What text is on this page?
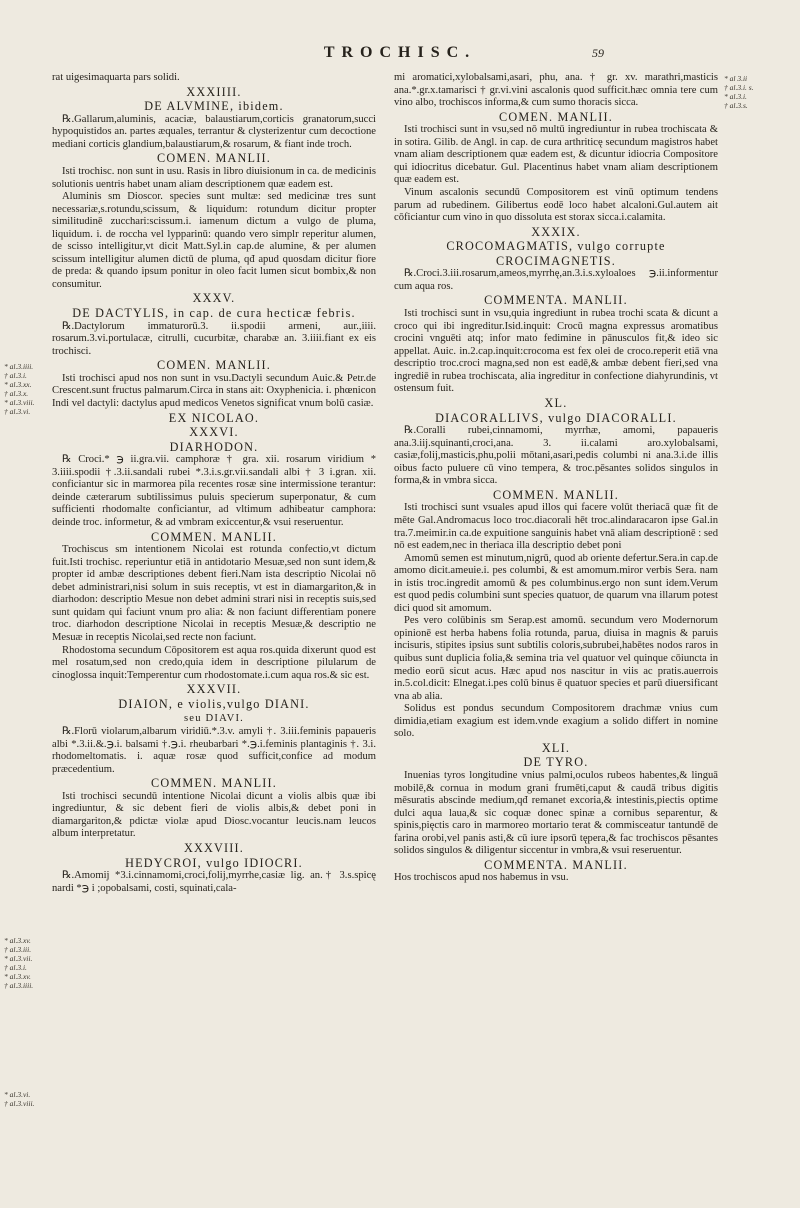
TROCHISC.	59

rat uigesimaquarta pars solidi.

XXXIIII.
DE ALVMINE, ibidem.

℞.Gallarum,aluminis, acaciæ, balaustiarum,corticis granatorum,succi hypoquistidos an. partes æquales, terrantur & clysterizentur cum decoctione mediani corticis glandium,balaustiarum,& rosarum, & fiant inde troch.

COMEN. MANLII.

Isti trochisc. non sunt in usu. Rasis in libro diuisionum in ca. de medicinis solutionis uentris habet unam aliam descriptionem quæ eadem est.

Aluminis sm Dioscor. species sunt multæ: sed medicinæ tres sunt necessariæ,s.rotundu,scissum, & liquidum: rotundum dicitur propter similitudinē zucchari:scissum.i. iamenum dictum a vulgo de pluma, liquidum. i. de roccha vel lypparinū: quando vero simplr reperitur alumen, de scisso intelligitur,vt dicit Matt.Syl.in cap.de alumine, & per alumen scissum intelligitur alumen dictū de pluma, qđ apud quosdam dicitur fiore de preda: & quando ipsum ponitur in oleo facit lumen sicut bombix,& non consumitur.

XXXV.
DE DACTYLIS, in cap. de cura hecticæ febris.

℞.Dactylorum immaturorū.3. ii.spodii armeni, aur.,iiii. rosarum.3.vi.portulacæ, citrulli, cucurbitæ, charabæ an. 3.iiii.fiant ex eis trochisci.

COMEN. MANLII.

Isti trochisci apud nos non sunt in vsu.Dactyli secundum Auic.& Petr.de Crescent.sunt fructus palmarum.Circa in stans ait: Oxyphenicia. i. phœnicon Indi vel dactyli: dactylus apud medicos Venetos significat vnum bolū casiæ.

EX NICOLAO.
XXXVI.
DIARHODON.

℞ Croci.* ℈ ii.gra.vii. camphoræ † gra. xii. rosarum viridium * 3.iiii.spodii †.3.ii.sandali rubei *.3.i.s.gr.vii.sandali albi † 3 i.gran. xii. conficiantur sic in marmorea pila recentes rosæ sine intermissione terantur: deinde cæterarum subtilissimus puluis specierum superponatur, & cum sufficienti rhodomalte conficiantur, ad vltimum adhibeatur camphora: deinde troc. informetur, & ad vmbram exiccentur,& vsui reseruentur.

COMMEN. MANLII.

Trochiscus sm intentionem Nicolai est rotunda confectio,vt dictum fuit.Isti trochisc. reperiuntur etiā in antidotario Mesuæ,sed non sunt idem,& propter id ambæ descriptiones debent fieri.Nam ista descriptio Nicolai nō debet administrari,nisi solum in suis receptis, vt est in diamargariton,& in diarhodon: descriptio Mesue non debet admini strari nisi in receptis suis,sed sunt quidam qui faciunt vnum pro alia: & non faciunt differentiam ponere troc. diarhodon descriptione Nicolai in receptis Mesuæ,& descriptio ne Mesuæ in receptis Nicolai,sed recte non faciunt.

Rhodostoma secundum Cōpositorem est aqua ros.quida dixerunt quod est mel rosatum,sed non credo,quia idem in descriptione pilularum de cinoglossa inquit:Temperentur cum rhodostomate.i.cum aqua ros.& sic est.

XXXVII.
DIAION, e violis,vulgo DIANI.
seu DIAVI.

℞.Florū violarum,albarum viridiū.*.3.v. amyli †. 3.iii.feminis papaueris albi *.3.ii.&.℈.i. balsami †.℈.i. rheubarbari *.℈.i.feminis plantaginis †. 3.i. rhodomeltomatis. i. aquæ rosæ quod sufficit,confice ad modum præcedentium.

COMMEN. MANLII.

Isti trochisci secundū intentione Nicolai dicunt a violis albis quæ ibi ingrediuntur, & sic debent fieri de violis albis,& debet poni in diamargariton,& pdictæ violæ apud Diosc.vocantur leucis.nam leucos album interpretatur.

XXXVIII.
HEDYCROI, vulgo IDIOCRI.

℞.Amomij *3.i.cinnamomi,croci,folij,myrrhe,casiæ lig. an.† 3.s.spicę nardi *℈ i ;opobalsami, costi, squinati,cala-

mi aromatici,xylobalsami,asari, phu, ana. † gr. xv. marathri,masticis ana.*.gr.x.tamarisci † gr.vi.vini ascalonis quod sufficit.hæc omnia tere cum vino albo, trochiscos informa,& cum sumo thoracis sicca.

COMEN. MANLII.

Isti trochisci sunt in vsu,sed nō multū ingrediuntur in rubea trochiscata & in sotira. Gilib. de Angl. in cap. de cura arthriticę secundum magistros habet vnam aliam descriptionem quæ eadem est, & dicuntur idiocria Compositore qui idiocritus dicebatur. Gul. Placentinus habet vnam aliam descriptionem quæ eadem est.

Vinum ascalonis secundū Compositorem est vinū optimum tendens parum ad rubedinem. Gilibertus eodē loco habet alcaloni.Gul.autem ait cōficiantur cum vino in quo dissoluta est storax sicca.i.calamita.

XXXIX.
CROCOMAGMATIS, vulgo corrupte
CROCIMAGNETIS.

℞.Croci.3.iii.rosarum,ameos,myrrhę,an.3.i.s.xyloaloes ℈.ii.informentur cum aqua ros.

COMMENTA. MANLII.

Isti trochisci sunt in vsu,quia ingrediunt in rubea trochi scata & dicunt a croco qui ibi ingreditur.Isid.inquit: Crocū magna expressus aromatibus crocini vnguēti atq; infor mato fedimine in pānusculos fit,& ideo sic appellat. Auic. in.2.cap.inquit:crocoma est fex olei de croco.reperit etiā vna descriptio troc.croci magna,sed non est eadē,& ambæ debent fieri,sed vna ingrediē in rubea trochiscata, alia ingreditur in confectione diahyrundinis, vt ostensum fuit.

XL.
DIACORALLIVS, vulgo DIACORALLI.

℞.Coralli rubei,cinnamomi, myrrhæ, amomi, papaueris ana.3.iij.squinanti,croci,ana. 3. ii.calami aro.xylobalsami, casiæ,folij,masticis,phu,polii mōtani,asari,pedis columbi ni ana.3.i.de illis oibus facto puluere cū vino tempera, & troc.pēsantes solidos singulos in forma,& in vmbra sicca.

COMMEN. MANLII.

Isti trochisci sunt vsuales apud illos qui facere volūt theriacā quæ fit de mēte Gal.Andromacus loco troc.diacorali hēt troc.alindaracaron ipse Gal.in tra.7.meimir.in ca.de expuitione sanguinis habet vnā aliam descriptionē : sed nō est eadem,nec in theriaca illa descriptio debet poni

Amomū semen est minutum,nigrū, quod ab oriente defertur.Sera.in cap.de amomo dicit.ameuie.i. pes columbi, & est amomum.miror verbis Sera. nam in istis troc.ingredit amomū & pes columbinus.ergo non sunt idem.Verum est quod pedis columbini sunt species quatuor, de quarum vna illarum potest dici quod sit amomum.

Pes vero colūbinis sm Serap.est amomū. secundum vero Modernorum opinionē est herba habens folia rotunda, parua, diuisa in magnis & paruis incisuris, stipites ipsius sunt subtilis coloris,subrubei,habētes nodos raros in quibus sunt duplicia folia,& semina tria vel quatuor vel quinque cōiuncta in medio eorū sicut acus. Hæc apud nos nascitur in viis ac pratis.auerrois in.5.col.dicit: Elnegat.i.pes colū binus ē quatuor species et parū diuersificant vna ab alia.

Solidus est pondus secundum Compositorem drachmæ vnius cum dimidia,etiam exagium est idem.vnde exagium a solido differt in nomine solo.

XLI.
DE TYRO.

Inuenias tyros longitudine vnius palmi,oculos rubeos habentes,& linguā mobilē,& cornua in modum grani frumēti,caput & caudā tribus digitis mēsuratis abscinde medium,qđ remanet excoria,& intestinis,piectis optime dulci aqua laua,& sic coquæ donec spinæ a cornibus separentur, & spinis,pięctis caro in marmoreo mortario terat & commisceatur tantundē de farina orobi,vel panis asti,& cū iure ipsorū tępera,& fac trochiscos pēsantes solidos singulos & diligentur siccentur in vmbra,& vsui reseruentur.

COMMENTA. MANLII.

Hos trochiscos apud nos habemus in vsu.

* al.3.iiii.
† al.3.i.
* al.3.xx.
† al.3.x.
* al.3.viii.
† al.3.vi.
* al.3.xv.
† al.3.iii.
* al.3.vii.
† al.3.i.
* al.3.xv.
† al.3.iiii.
* al.3.vi.
† al.3.viii.
* al 3.ii
† al.3.i. s.
* al.3.i.
† al.3.s.
